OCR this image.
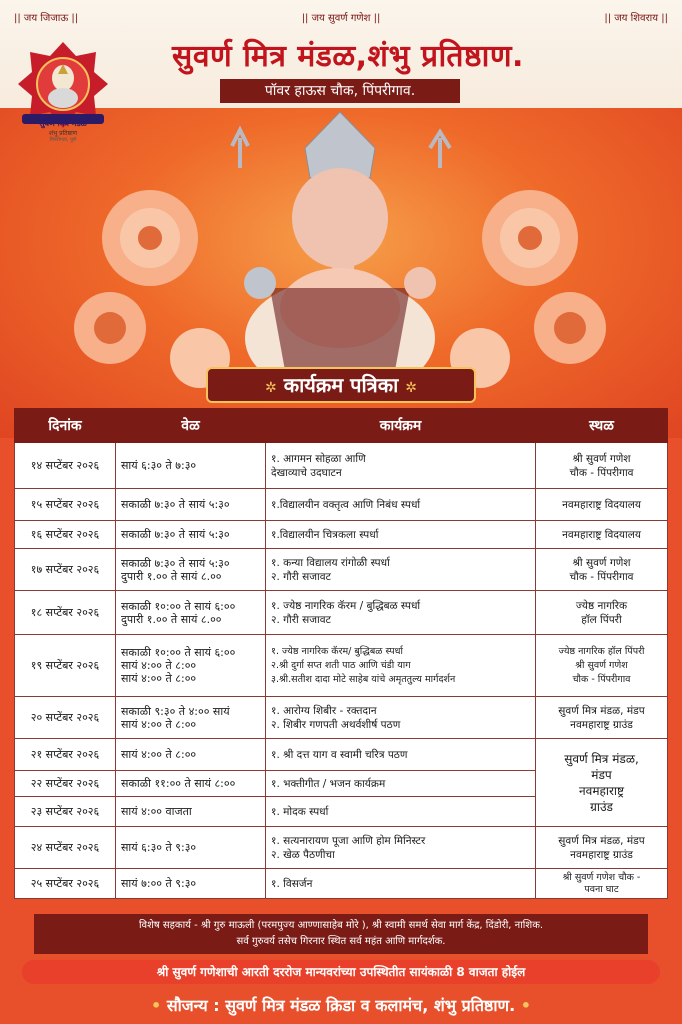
|| जय जिजाऊ ||	|| जय सुवर्ण गणेश ||	|| जय शिवराय ||
सुवर्ण मित्र मंडळ
शंभु प्रतिष्ठाण
पिंपरीगाव, पुणे
सुवर्ण मित्र मंडळ,शंभु प्रतिष्ठाण.
पॉवर हाऊस चौक, पिंपरीगाव.
✲ कार्यक्रम पत्रिका ✲
दिनांक	वेळ	कार्यक्रम	स्थळ
१४ सप्टेंबर २०२६	सायं ६:३० ते ७:३०	१. आगमन सोहळा आणि
देखाव्याचे उदघाटन	श्री सुवर्ण गणेश
चौक - पिंपरीगाव

१५ सप्टेंबर २०२६	सकाळी ७:३० ते सायं ५:३०	१.विद्यालयीन वक्तृत्व आणि निबंध स्पर्धा	नवमहाराष्ट्र विदयालय

१६ सप्टेंबर २०२६	सकाळी ७:३० ते सायं ५:३०	१.विद्यालयीन चित्रकला स्पर्धा	नवमहाराष्ट्र विदयालय

१७ सप्टेंबर २०२६	सकाळी ७:३० ते सायं ५:३०
दुपारी १.०० ते सायं ८.००	१. कन्या विद्यालय रांगोळी स्पर्धा
२. गौरी सजावट	श्री सुवर्ण गणेश
चौक - पिंपरीगाव

१८ सप्टेंबर २०२६	सकाळी १०:०० ते सायं ६:००
दुपारी १.०० ते सायं ८.००	१. ज्येष्ठ नागरिक कॅरम / बुद्धिबळ स्पर्धा
२. गौरी सजावट	ज्येष्ठ नागरिक
हॉल पिंपरी

१९ सप्टेंबर २०२६	सकाळी १०:०० ते सायं ६:००
सायं ४:०० ते ८:००
सायं ४:०० ते ८:००	१. ज्येष्ठ नागरिक कॅरम/ बुद्धिबळ स्पर्धा
२.श्री दुर्गा सप्त शती पाठ आणि चंडी याग
३.श्री.सतीश दादा मोटे साहेब यांचे अमृततुल्य मार्गदर्शन	ज्येष्ठ नागरिक हॉल पिंपरी
श्री सुवर्ण गणेश
चौक - पिंपरीगाव

२० सप्टेंबर २०२६	सकाळी ९:३० ते ४:०० सायं
सायं ४:०० ते ८:००	१. आरोग्य शिबीर - रक्तदान
२. शिबीर गणपती अथर्वशीर्ष पठण	सुवर्ण मित्र मंडळ, मंडप
नवमहाराष्ट्र ग्राउंड

२१ सप्टेंबर २०२६	सायं ४:०० ते ८:००	१. श्री दत्त याग व स्वामी चरित्र पठण	सुवर्ण मित्र मंडळ,
मंडप
नवमहाराष्ट्र
ग्राउंड

२२ सप्टेंबर २०२६	सकाळी ११:०० ते सायं ८:००	१. भक्तीगीत / भजन कार्यक्रम	

२३ सप्टेंबर २०२६	सायं ४:०० वाजता	१. मोदक स्पर्धा	

२४ सप्टेंबर २०२६	सायं ६:३० ते ९:३०	१. सत्यनारायण पूजा आणि होम मिनिस्टर
२. खेळ पैठणीचा	सुवर्ण मित्र मंडळ, मंडप
नवमहाराष्ट्र ग्राउंड

२५ सप्टेंबर २०२६	सायं ७:०० ते ९:३०	१. विसर्जन	श्री सुवर्ण गणेश चौक -
पवना घाट
विशेष सहकार्य - श्री गुरु माऊली (परमपुज्य आण्णासाहेब मोरे ), श्री स्वामी समर्थ सेवा मार्ग केंद्र, दिंडोरी, नाशिक.
सर्व गुरुवर्य तसेच गिरनार स्थित सर्व महंत आणि मार्गदर्शक.
श्री सुवर्ण गणेशाची आरती दररोज मान्यवरांच्या उपस्थितीत सायंकाळी 8 वाजता होईल
• सौजन्य : सुवर्ण मित्र मंडळ क्रिडा व कलामंच, शंभु प्रतिष्ठाण. •
